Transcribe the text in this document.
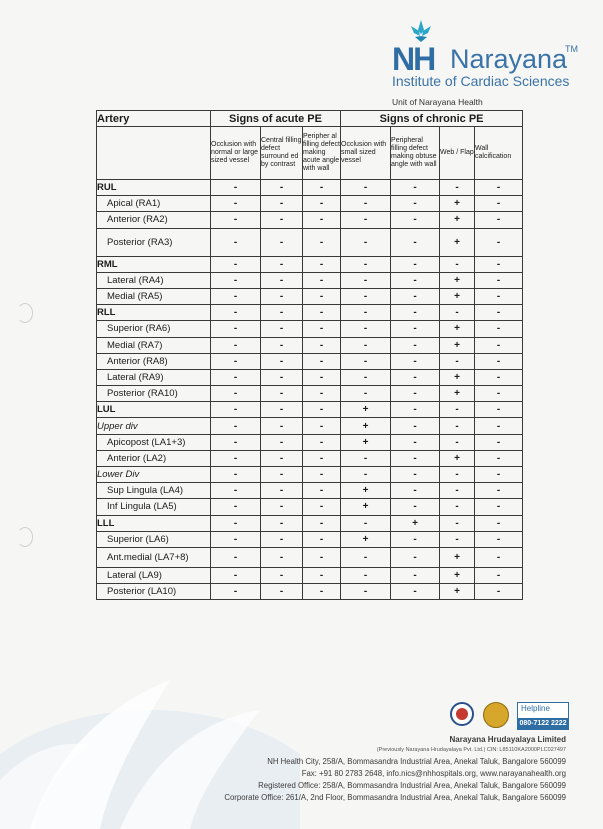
NH Narayana
TM
Institute of Cardiac Sciences
Unit of Narayana Health
Artery	Signs of acute PE			Signs of chronic PE			
	Occlusion with normal or large sized vessel	Central filling defect surround ed by contrast	Peripher al filling defect making acute angle with wall	Occlusion with small sized vessel	Peripheral filling defect making obtuse angle with wall	Web / Flap	Wall calcification
RUL	-	-	-	-	-	-	-
Apical (RA1)	-	-	-	-	-	+	-
Anterior (RA2)	-	-	-	-	-	+	-
Posterior (RA3)	-	-	-	-	-	+	-
RML	-	-	-	-	-	-	-
Lateral (RA4)	-	-	-	-	-	+	-
Medial (RA5)	-	-	-	-	-	+	-
RLL	-	-	-	-	-	-	-
Superior (RA6)	-	-	-	-	-	+	-
Medial (RA7)	-	-	-	-	-	+	-
Anterior (RA8)	-	-	-	-	-	-	-
Lateral (RA9)	-	-	-	-	-	+	-
Posterior (RA10)	-	-	-	-	-	+	-
LUL	-	-	-	+	-	-	-
Upper div	-	-	-	+	-	-	-
Apicopost (LA1+3)	-	-	-	+	-	-	-
Anterior (LA2)	-	-	-	-	-	+	-
Lower Div	-	-	-	-	-	-	-
Sup Lingula (LA4)	-	-	-	+	-	-	-
Inf Lingula (LA5)	-	-	-	+	-	-	-
LLL	-	-	-	-	+	-	-
Superior (LA6)	-	-	-	+	-	-	-
Ant.medial (LA7+8)	-	-	-	-	-	+	-
Lateral (LA9)	-	-	-	-	-	+	-
Posterior (LA10)	-	-	-	-	-	+	-
Helpline
080-7122 2222
Narayana Hrudayalaya Limited
(Previously Narayana Hrudayalaya Pvt. Ltd.) CIN: L85110KA2000PLC027497
NH Health City, 258/A, Bommasandra Industrial Area, Anekal Taluk, Bangalore 560099
Fax: +91 80 2783 2648, info.nics@nhhospitals.org, www.narayanahealth.org
Registered Office: 258/A, Bommasandra Industrial Area, Anekal Taluk, Bangalore 560099
Corporate Office: 261/A, 2nd Floor, Bommasandra Industrial Area, Anekal Taluk, Bangalore 560099
